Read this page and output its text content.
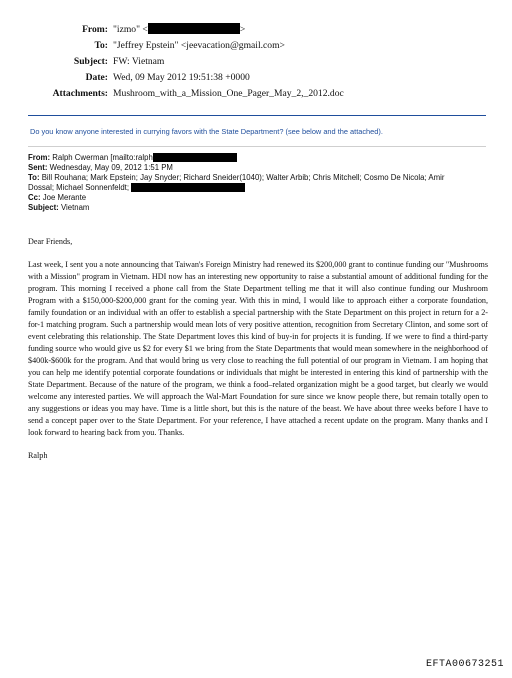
From: "izmo" <	>
To: "Jeffrey Epstein" <jeevacation@gmail.com>
Subject: FW: Vietnam
Date: Wed, 09 May 2012 19:51:38 +0000
Attachments: Mushroom_with_a_Mission_One_Pager_May_2,_2012.doc
Do you know anyone interested in currying favors with the State Department? (see below and the attached).
From: Ralph Cwerman [mailto:ralph
Sent: Wednesday, May 09, 2012 1:51 PM
To: Bill Rouhana; Mark Epstein; Jay Snyder; Richard Sneider(1040); Walter Arbib; Chris Mitchell; Cosmo De Nicola; Amir
Dossal; Michael Sonnenfeldt;
Cc: Joe Merante
Subject: Vietnam
Dear Friends,
Last week, I sent you a note announcing that Taiwan's Foreign Ministry had renewed its $200,000 grant to continue funding our "Mushrooms with a Mission" program in Vietnam. HDI now has an interesting new opportunity to raise a substantial amount of additional funding for the program. This morning I received a phone call from the State Department telling me that it will also continue funding our Mushroom Program with a $150,000-$200,000 grant for the coming year. With this in mind, I would like to approach either a corporate foundation, family foundation or an individual with an offer to establish a special partnership with the State Department on this project in return for a 2-for-1 matching program. Such a partnership would mean lots of very positive attention, recognition from Secretary Clinton, and some sort of event celebrating this relationship. The State Department loves this kind of buy-in for projects it is funding. If we were to find a third-party funding source who would give us $2 for every $1 we bring from the State Departments that would mean somewhere in the neighborhood of $400k-$600k for the program. And that would bring us very close to reaching the full potential of our program in Vietnam. I am hoping that you can help me identify potential corporate foundations or individuals that might be interested in entering this kind of partnership with the State Department. Because of the nature of the program, we think a food–related organization might be a good target, but clearly we would welcome any interested parties. We will approach the Wal-Mart Foundation for sure since we know people there, but remain totally open to any suggestions or ideas you may have. Time is a little short, but this is the nature of the beast. We have about three weeks before I have to send a concept paper over to the State Department. For your reference, I have attached a recent update on the program. Many thanks and I look forward to hearing back from you. Thanks.
Ralph
EFTA00673251
